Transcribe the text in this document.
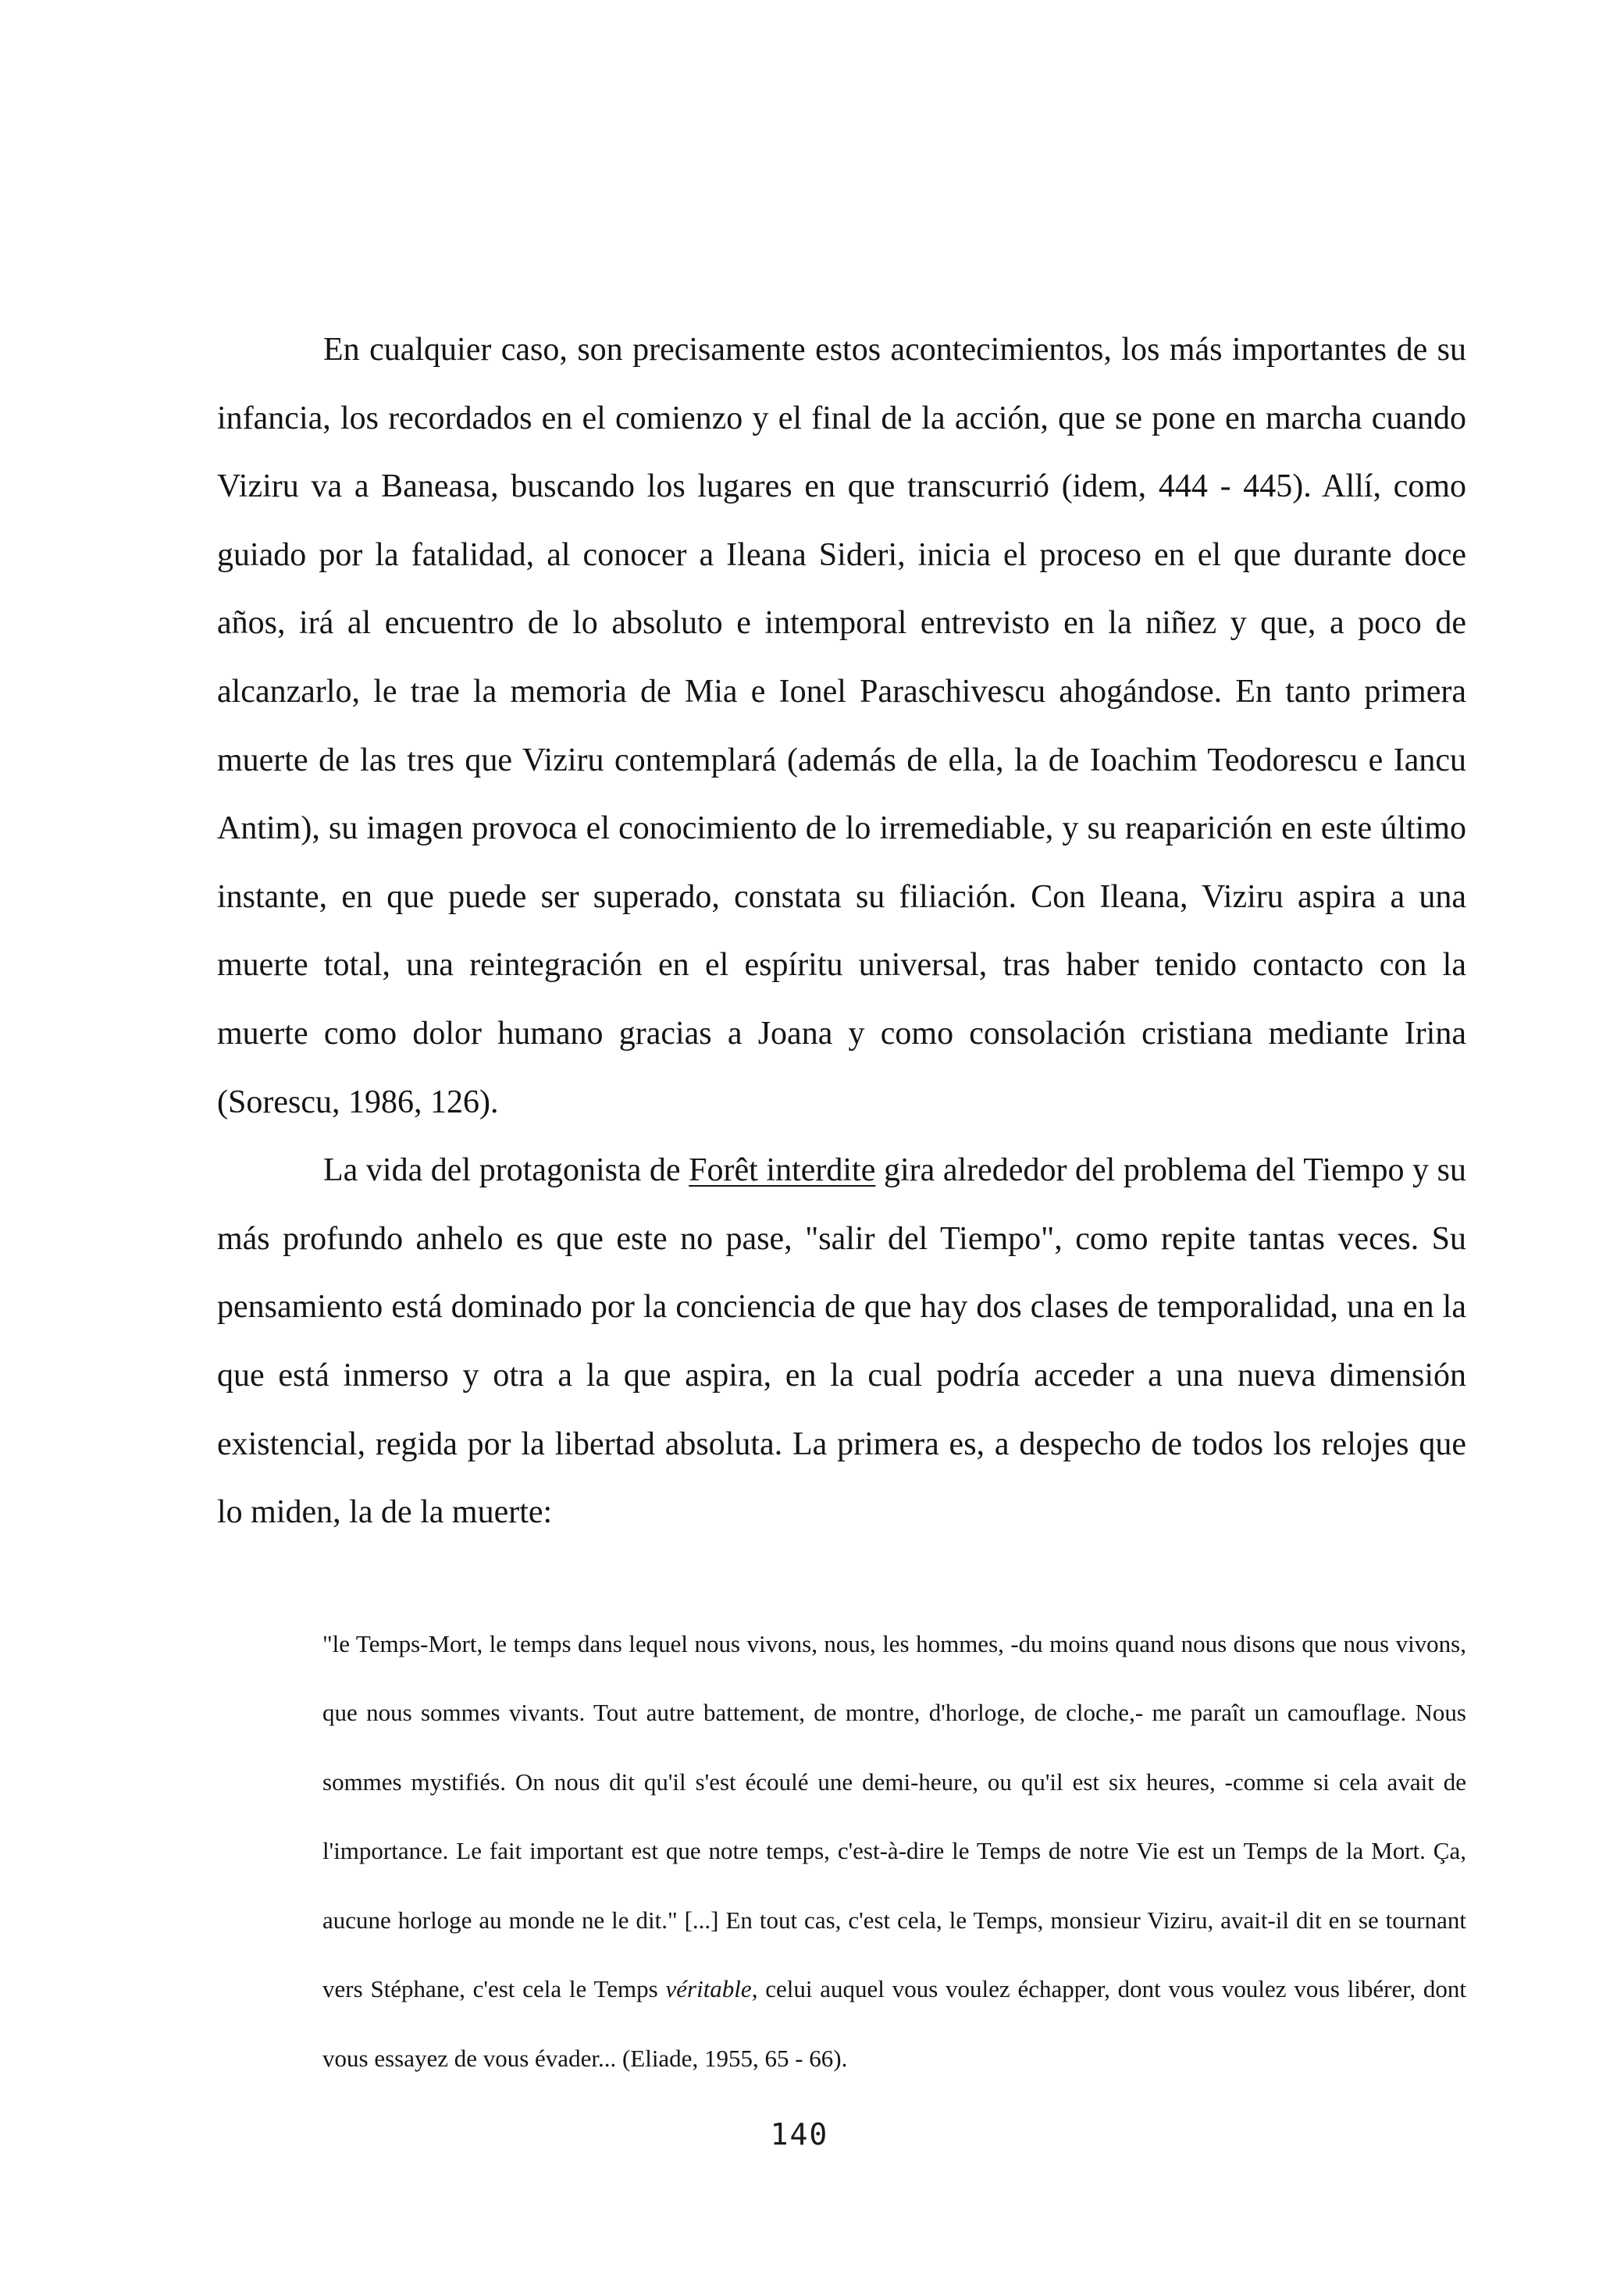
En cualquier caso, son precisamente estos acontecimientos, los más importantes de su infancia, los recordados en el comienzo y el final de la acción, que se pone en marcha cuando Viziru va a Baneasa, buscando los lugares en que transcurrió (idem, 444 - 445). Allí, como guiado por la fatalidad, al conocer a Ileana Sideri, inicia el proceso en el que durante doce años, irá al encuentro de lo absoluto e intemporal entrevisto en la niñez y que, a poco de alcanzarlo, le trae la memoria de Mia e Ionel Paraschivescu ahogándose. En tanto primera muerte de las tres que Viziru contemplará (además de ella, la de Ioachim Teodorescu e Iancu Antim), su imagen provoca el conocimiento de lo irremediable, y su reaparición en este último instante, en que puede ser superado, constata su filiación. Con Ileana, Viziru aspira a una muerte total, una reintegración en el espíritu universal, tras haber tenido contacto con la muerte como dolor humano gracias a Joana y como consolación cristiana mediante Irina (Sorescu, 1986, 126).

La vida del protagonista de Forêt interdite gira alrededor del problema del Tiempo y su más profundo anhelo es que este no pase, "salir del Tiempo", como repite tantas veces. Su pensamiento está dominado por la conciencia de que hay dos clases de temporalidad, una en la que está inmerso y otra a la que aspira, en la cual podría acceder a una nueva dimensión existencial, regida por la libertad absoluta. La primera es, a despecho de todos los relojes que lo miden, la de la muerte:

"le Temps-Mort, le temps dans lequel nous vivons, nous, les hommes, -du moins quand nous disons que nous vivons, que nous sommes vivants. Tout autre battement, de montre, d'horloge, de cloche,- me paraît un camouflage. Nous sommes mystifiés. On nous dit qu'il s'est écoulé une demi-heure, ou qu'il est six heures, -comme si cela avait de l'importance. Le fait important est que notre temps, c'est-à-dire le Temps de notre Vie est un Temps de la Mort. Ça, aucune horloge au monde ne le dit." [...] En tout cas, c'est cela, le Temps, monsieur Viziru, avait-il dit en se tournant vers Stéphane, c'est cela le Temps véritable, celui auquel vous voulez échapper, dont vous voulez vous libérer, dont vous essayez de vous évader... (Eliade, 1955, 65 - 66).

140
